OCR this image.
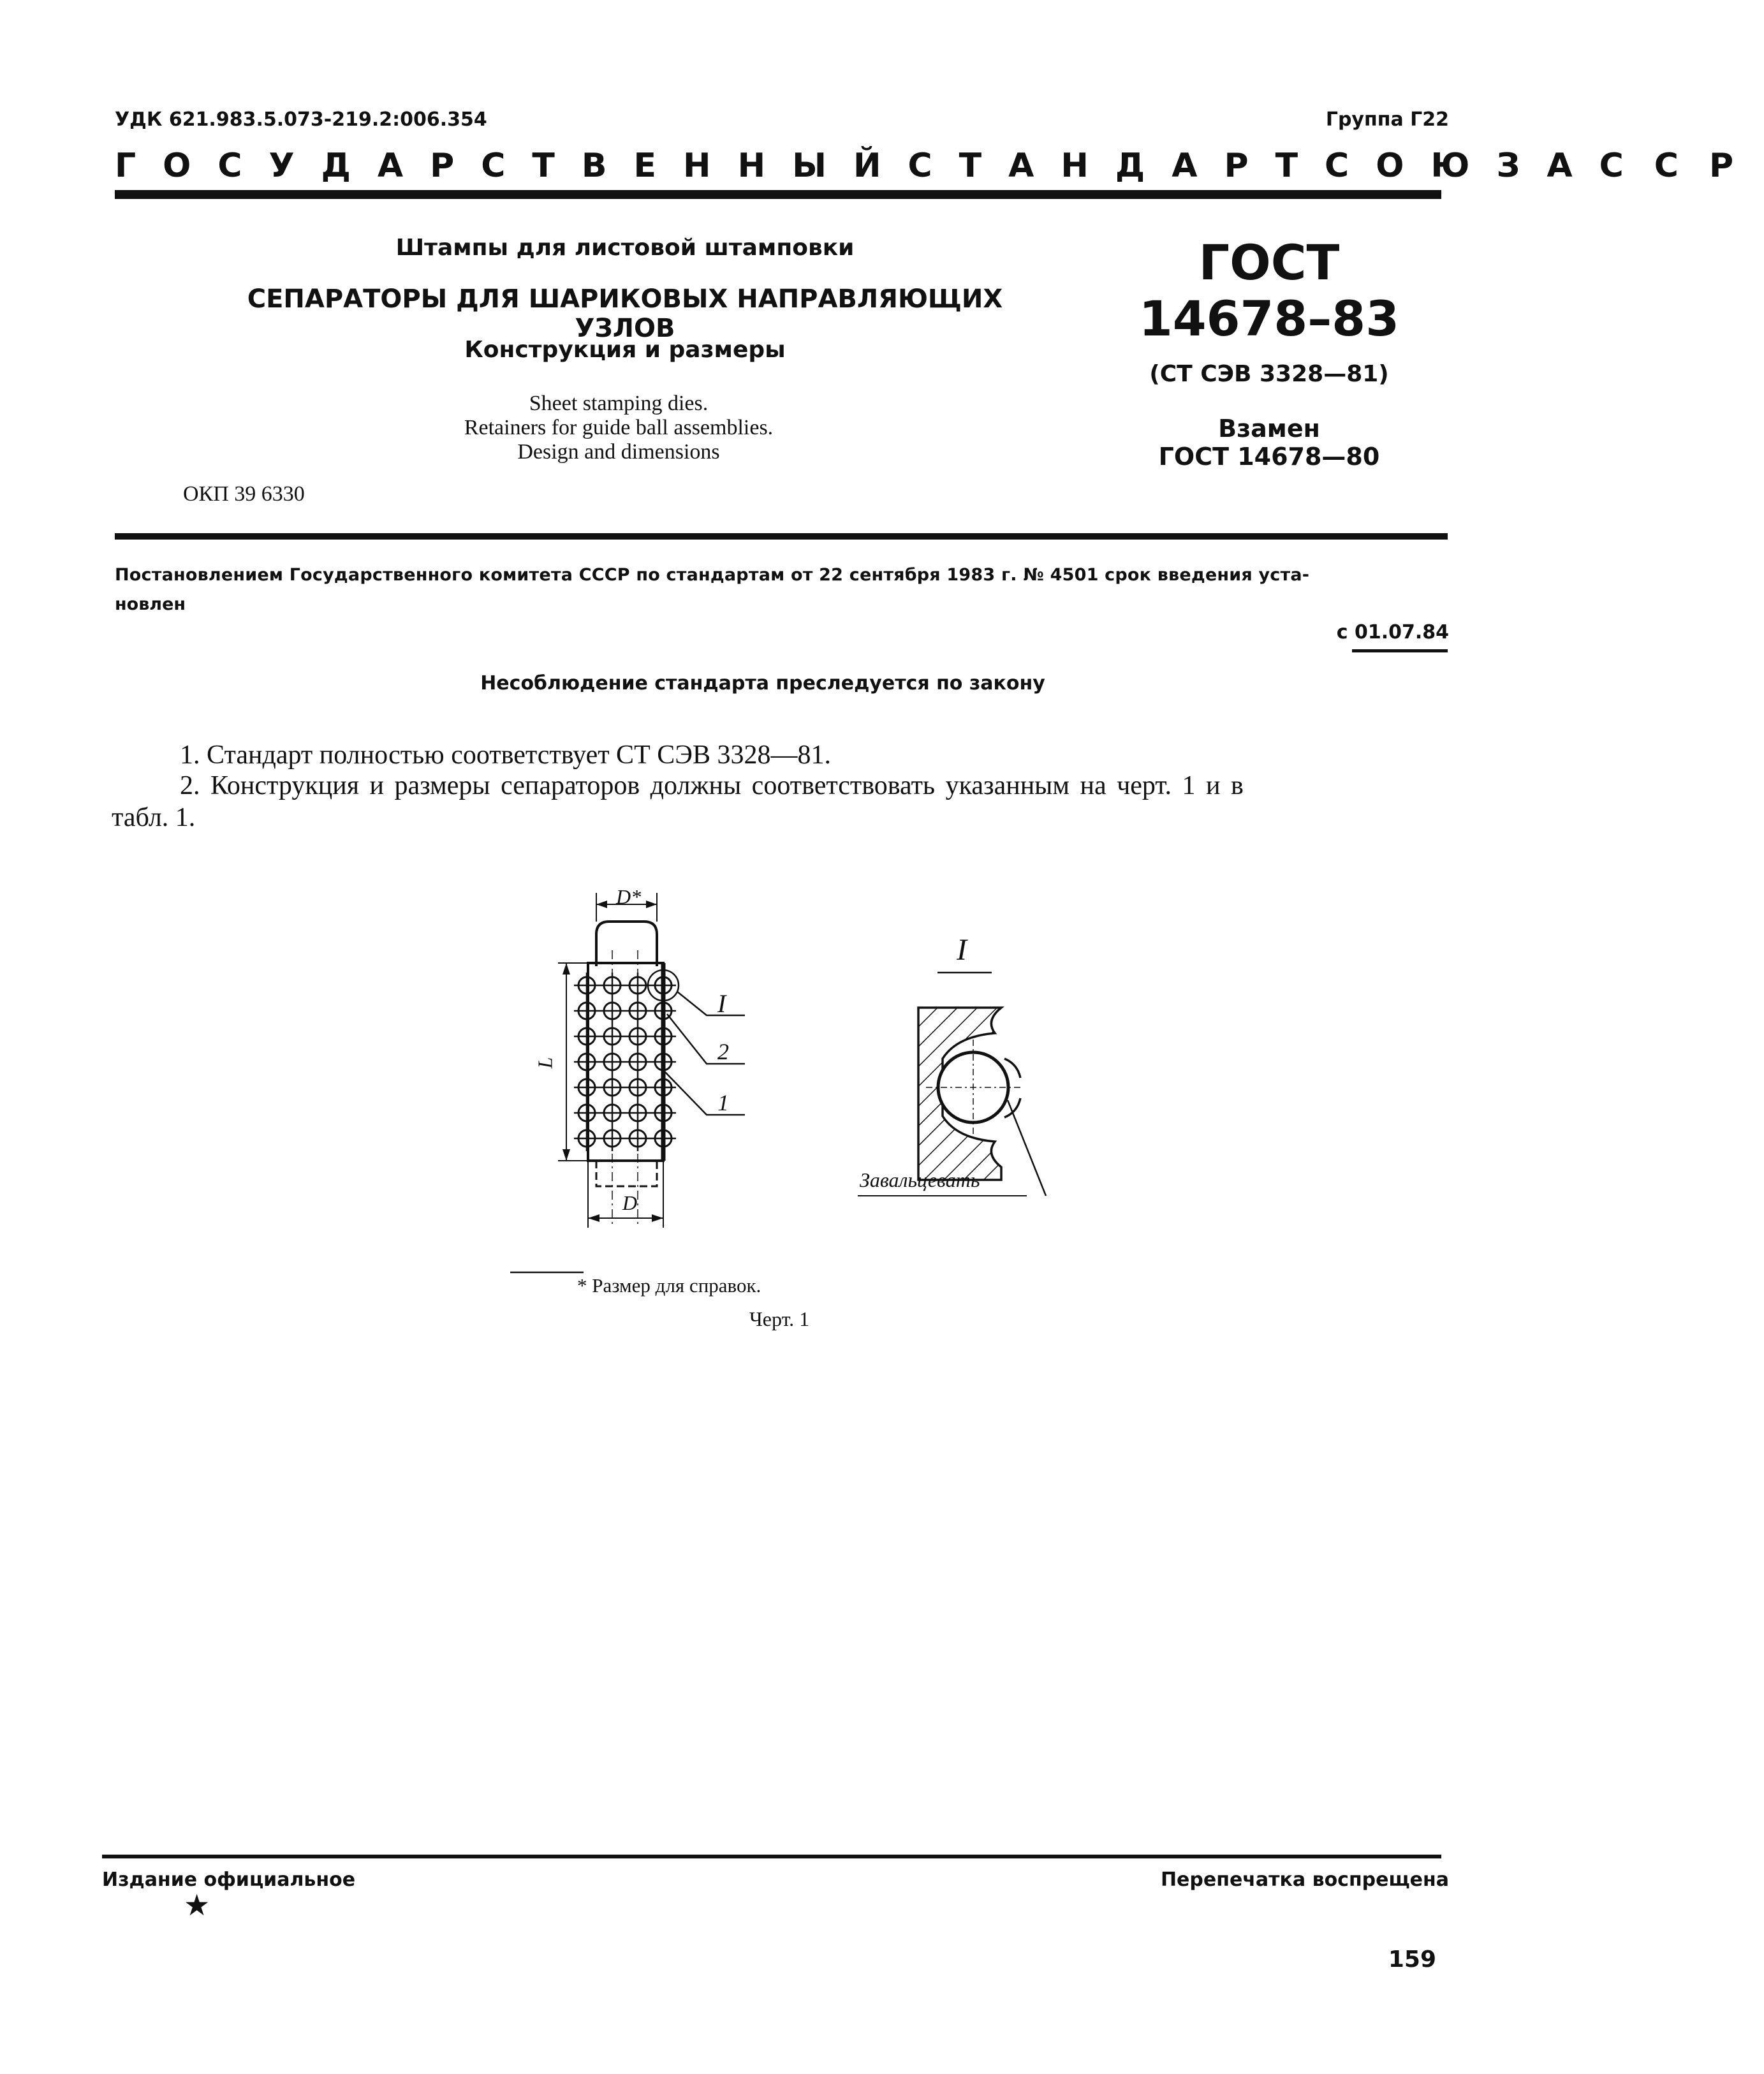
УДК 621.983.5.073-219.2:006.354	Группа Г22
ГОСУДАРСТВЕННЫЙ СТАНДАРТ СОЮЗА ССР
Штампы для листовой штамповки
СЕПАРАТОРЫ ДЛЯ ШАРИКОВЫХ НАПРАВЛЯЮЩИХ УЗЛОВ
Конструкция и размеры
Sheet stamping dies.
Retainers for guide ball assemblies.
Design and dimensions
ОКП 39 6330
ГОСТ
14678–83
(СТ СЭВ 3328—81)
Взамен
ГОСТ 14678—80
Постановлением Государственного комитета СССР по стандартам от 22 сентября 1983 г. № 4501 срок введения уста-
новлен
с 01.07.84
Несоблюдение стандарта преследуется по закону
1. Стандарт полностью соответствует СТ СЭВ 3328—81.
2. Конструкция и размеры сепараторов должны соответствовать указанным на черт. 1 и в
табл. 1.
D*
L
D
I
2
1
I
Завальцевать
* Размер для справок.
Черт. 1
Издание официальное
★
Перепечатка воспрещена
159
